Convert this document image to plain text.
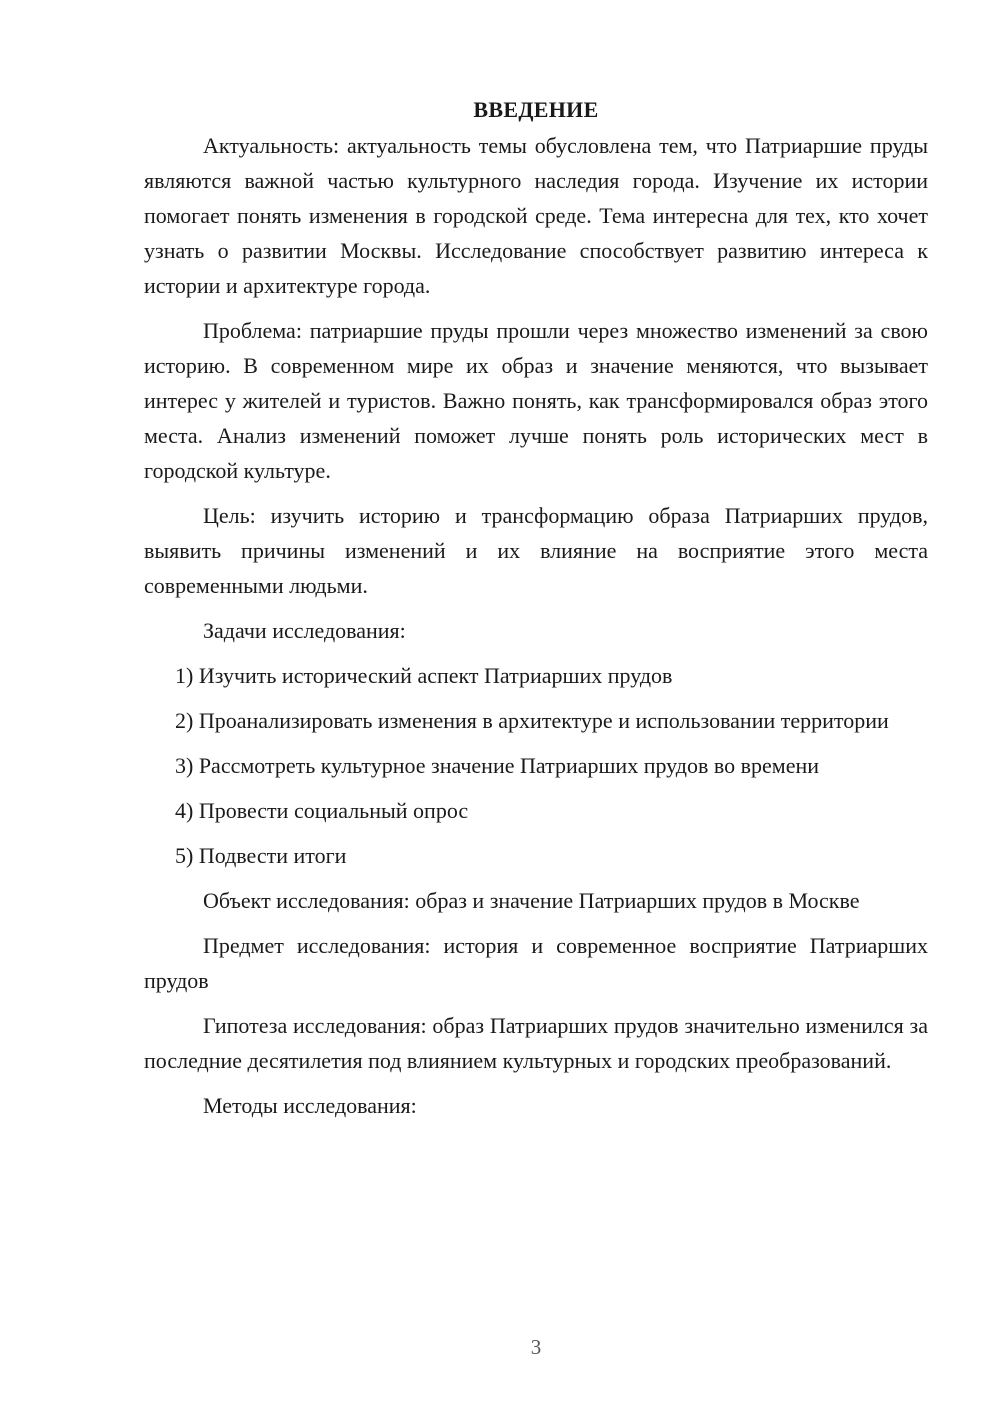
ВВЕДЕНИЕ

Актуальность: актуальность темы обусловлена тем, что Патриаршие пруды являются важной частью культурного наследия города. Изучение их истории помогает понять изменения в городской среде. Тема интересна для тех, кто хочет узнать о развитии Москвы. Исследование способствует развитию интереса к истории и архитектуре города.

Проблема: патриаршие пруды прошли через множество изменений за свою историю. В современном мире их образ и значение меняются, что вызывает интерес у жителей и туристов. Важно понять, как трансформировался образ этого места. Анализ изменений поможет лучше понять роль исторических мест в городской культуре.

Цель: изучить историю и трансформацию образа Патриарших прудов, выявить причины изменений и их влияние на восприятие этого места современными людьми.

Задачи исследования:

1) Изучить исторический аспект Патриарших прудов

2) Проанализировать изменения в архитектуре и использовании территории

3) Рассмотреть культурное значение Патриарших прудов во времени

4) Провести социальный опрос

5) Подвести итоги

Объект исследования: образ и значение Патриарших прудов в Москве

Предмет исследования: история и современное восприятие Патриарших прудов

Гипотеза исследования: образ Патриарших прудов значительно изменился за последние десятилетия под влиянием культурных и городских преобразований.

Методы исследования:

3
